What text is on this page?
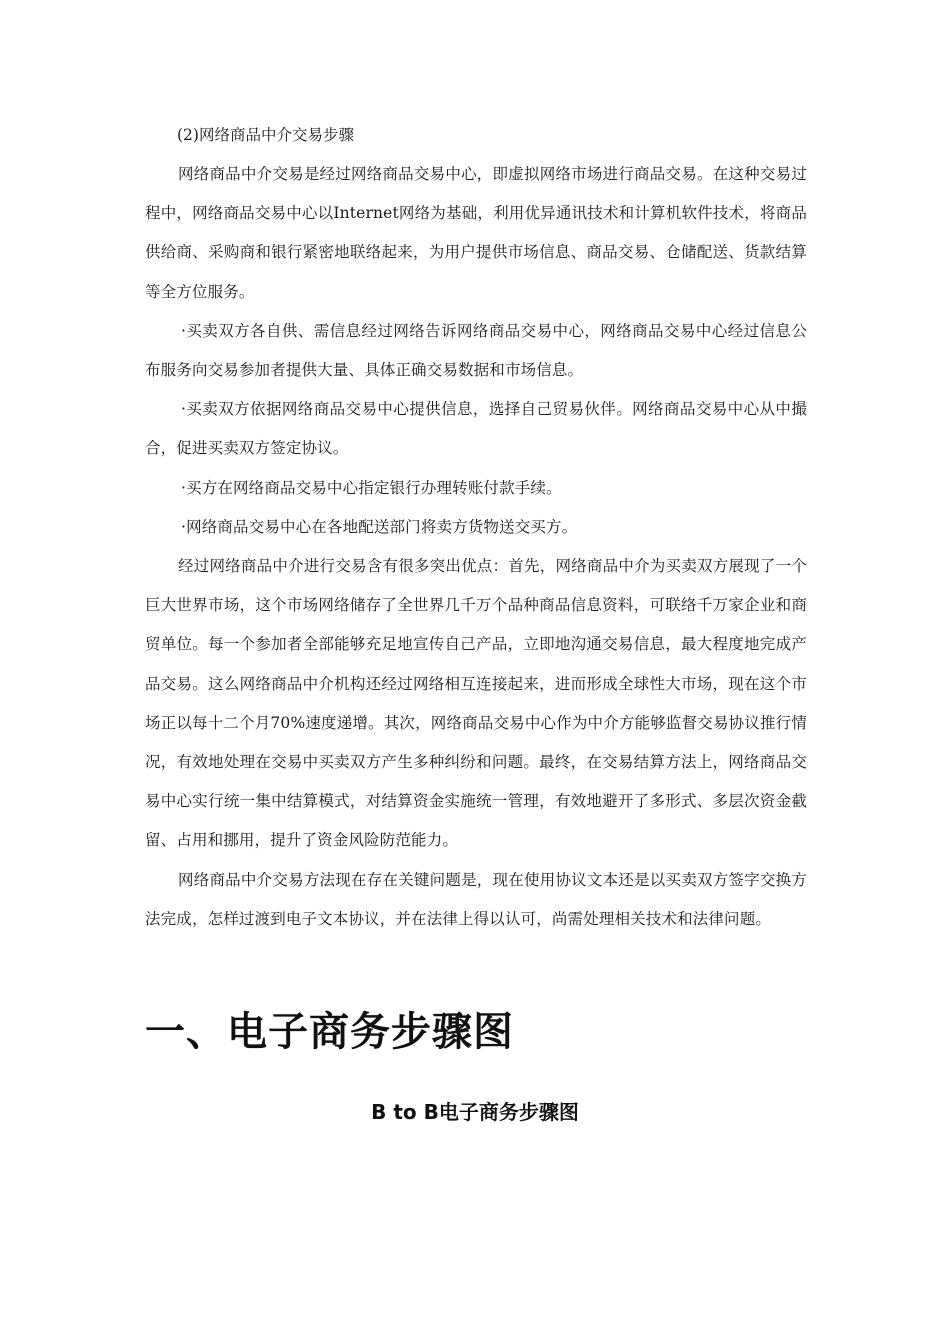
(2)网络商品中介交易步骤

网络商品中介交易是经过网络商品交易中心，即虚拟网络市场进行商品交易。在这种交易过程中，网络商品交易中心以Internet网络为基础，利用优异通讯技术和计算机软件技术，将商品供给商、采购商和银行紧密地联络起来，为用户提供市场信息、商品交易、仓储配送、货款结算等全方位服务。

·买卖双方各自供、需信息经过网络告诉网络商品交易中心，网络商品交易中心经过信息公布服务向交易参加者提供大量、具体正确交易数据和市场信息。

·买卖双方依据网络商品交易中心提供信息，选择自己贸易伙伴。网络商品交易中心从中撮合，促进买卖双方签定协议。

·买方在网络商品交易中心指定银行办理转账付款手续。

·网络商品交易中心在各地配送部门将卖方货物送交买方。

经过网络商品中介进行交易含有很多突出优点：首先，网络商品中介为买卖双方展现了一个巨大世界市场，这个市场网络储存了全世界几千万个品种商品信息资料，可联络千万家企业和商贸单位。每一个参加者全部能够充足地宣传自己产品，立即地沟通交易信息，最大程度地完成产品交易。这么网络商品中介机构还经过网络相互连接起来，进而形成全球性大市场，现在这个市场正以每十二个月70%速度递增。其次，网络商品交易中心作为中介方能够监督交易协议推行情况，有效地处理在交易中买卖双方产生多种纠纷和问题。最终，在交易结算方法上，网络商品交易中心实行统一集中结算模式，对结算资金实施统一管理，有效地避开了多形式、多层次资金截留、占用和挪用，提升了资金风险防范能力。

网络商品中介交易方法现在存在关键问题是，现在使用协议文本还是以买卖双方签字交换方法完成，怎样过渡到电子文本协议，并在法律上得以认可，尚需处理相关技术和法律问题。

一、电子商务步骤图
B to B电子商务步骤图
